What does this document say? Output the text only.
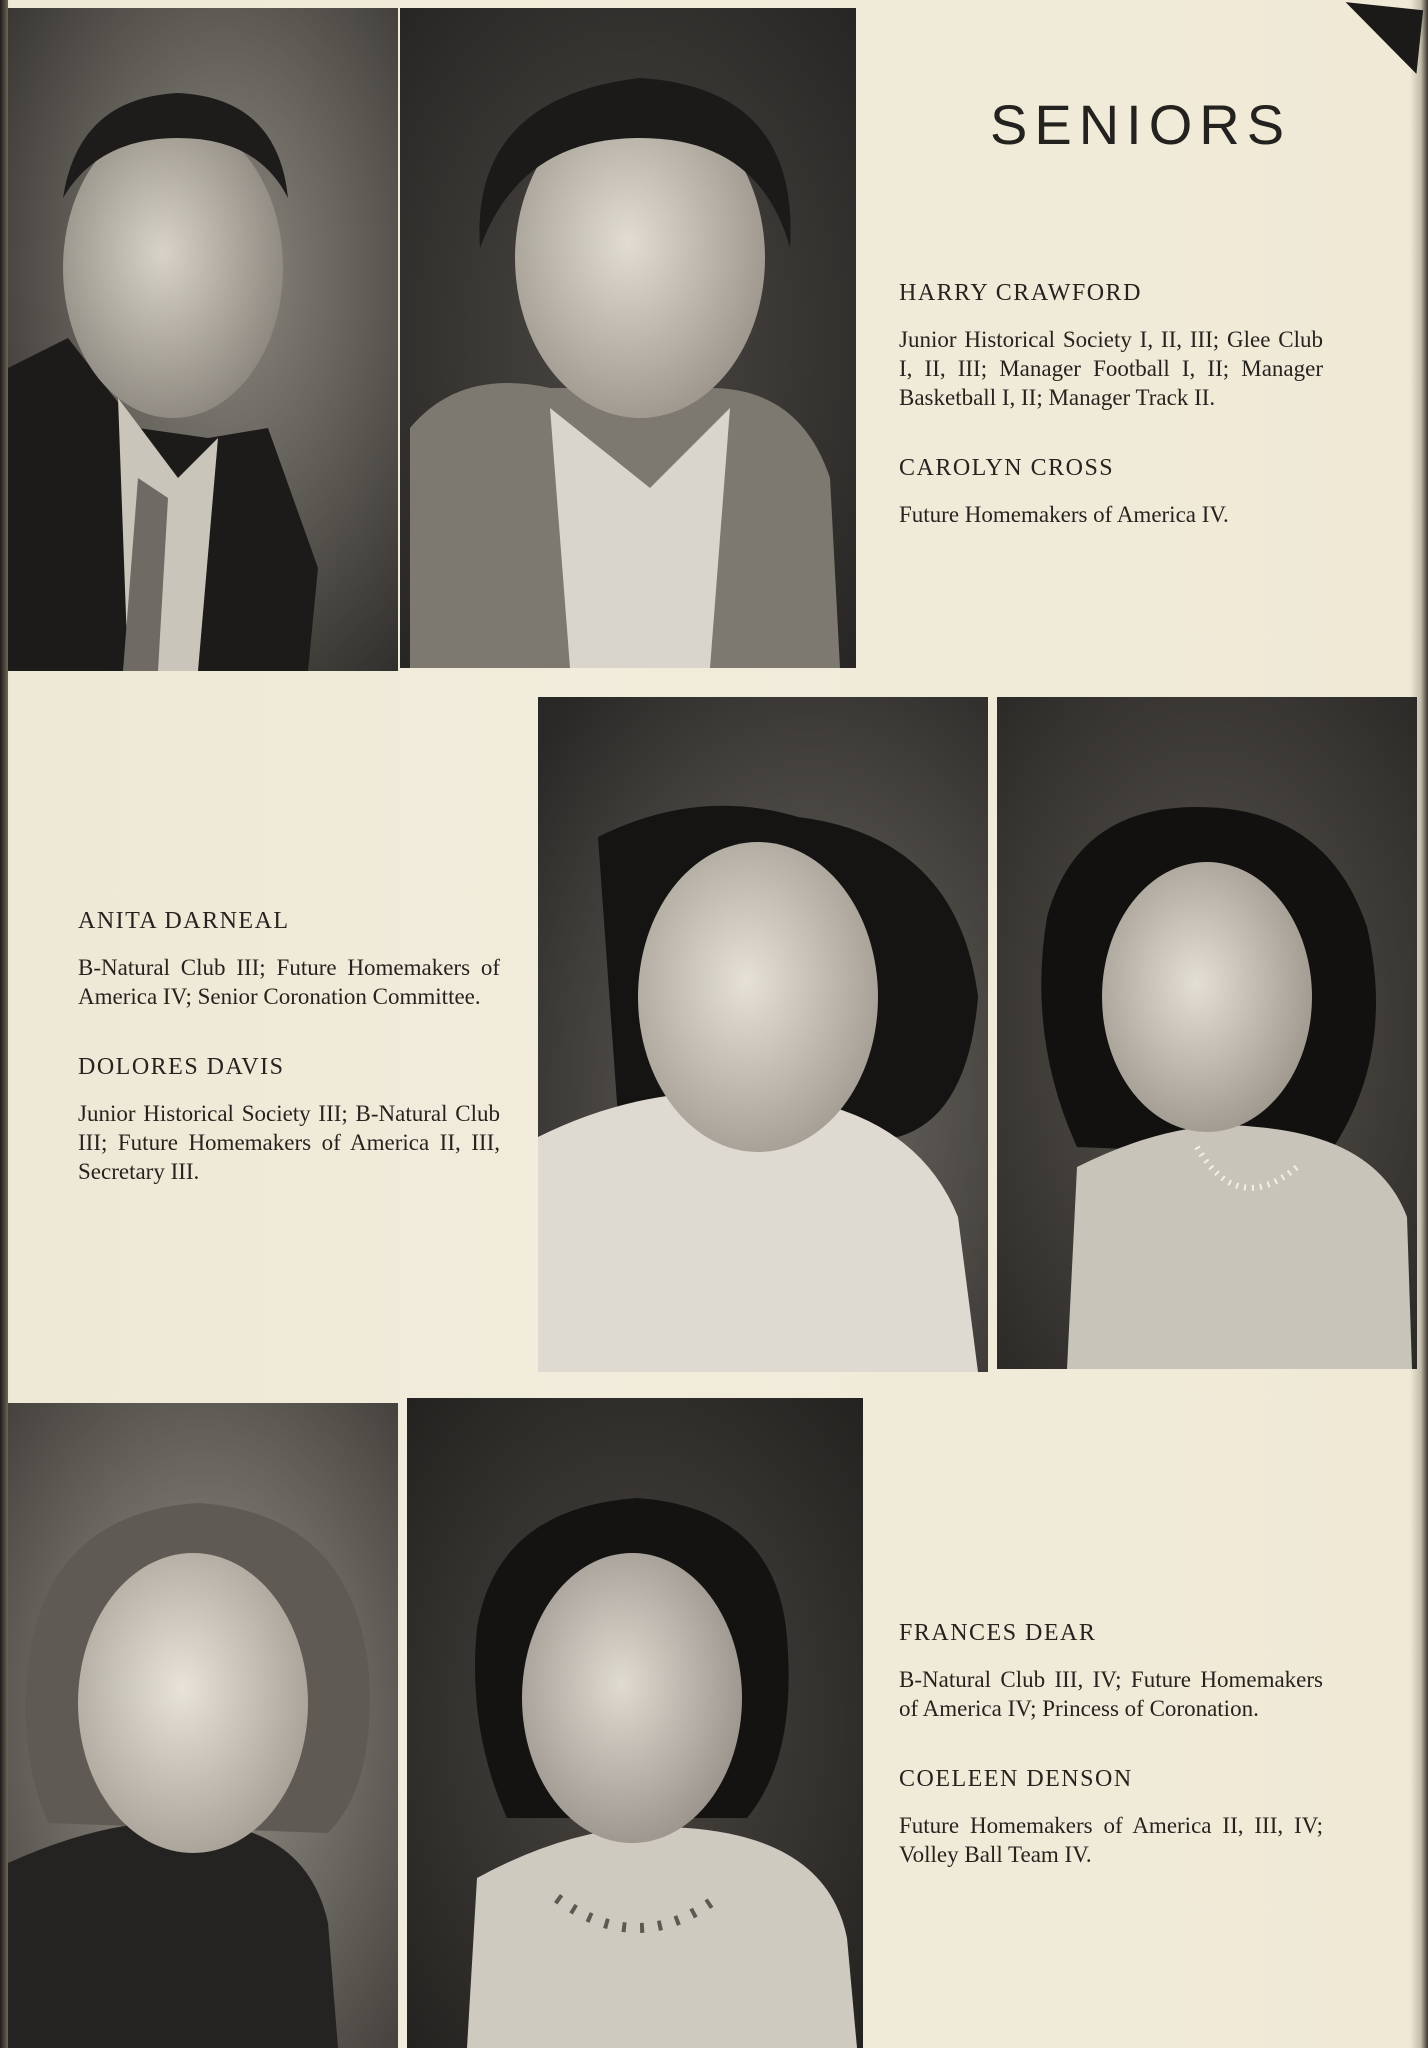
SENIORS

HARRY CRAWFORD

Junior Historical Society I, II, III; Glee Club I, II, III; Manager Football I, II; Manager Basketball I, II; Manager Track II.

CAROLYN CROSS

Future Homemakers of America IV.

ANITA DARNEAL

B-Natural Club III; Future Homemakers of America IV; Senior Coronation Committee.

DOLORES DAVIS

Junior Historical Society III; B-Natural Club III; Future Homemakers of America II, III, Secretary III.

FRANCES DEAR

B-Natural Club III, IV; Future Homemakers of America IV; Princess of Coronation.

COELEEN DENSON

Future Homemakers of America II, III, IV; Volley Ball Team IV.
